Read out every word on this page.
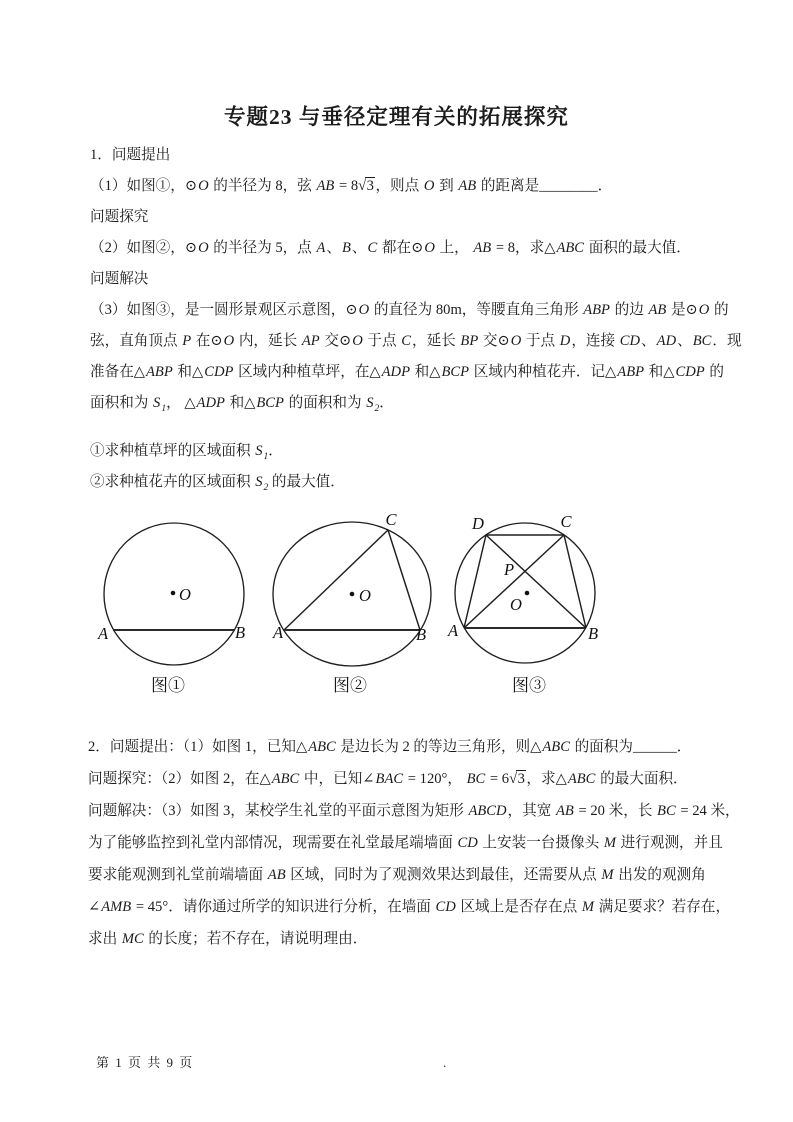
专题23 与垂径定理有关的拓展探究
1．问题提出
（1）如图①，⊙O 的半径为 8，弦 AB = 8√ 3 ，则点 O 到 AB 的距离是________．
问题探究
（2）如图②，⊙O 的半径为 5，点 A、B、C 都在⊙O 上， AB = 8，求△ABC 面积的最大值．
问题解决
（3）如图③，是一圆形景观区示意图，⊙O 的直径为 80m，等腰直角三角形 ABP 的边 AB 是⊙O 的
弦，直角顶点 P 在⊙O 内，延长 AP 交⊙O 于点 C，延长 BP 交⊙O 于点 D，连接 CD、AD、BC．现
准备在△ABP 和△CDP 区域内种植草坪，在△ADP 和△BCP 区域内种植花卉．记△ABP 和△CDP 的
面积和为 $S_1$， △ADP 和△BCP 的面积和为 $S_2$．
①求种植草坪的区域面积 $S_1$．
②求种植花卉的区域面积 $S_2$ 的最大值．
O
A	B
图①
O
A	B
C
图②
O
P
D	C
A	B
图③
2．问题提出：（1）如图 1，已知△ABC 是边长为 2 的等边三角形，则△ABC 的面积为______．
问题探究：（2）如图 2，在△ABC 中，已知∠BAC = 120°， BC = 6√ 3 ，求△ABC 的最大面积．
问题解决：（3）如图 3，某校学生礼堂的平面示意图为矩形 ABCD，其宽 AB = 20 米，长 BC = 24 米，
为了能够监控到礼堂内部情况，现需要在礼堂最尾端墙面 CD 上安装一台摄像头 M 进行观测，并且
要求能观测到礼堂前端墙面 AB 区域，同时为了观测效果达到最佳，还需要从点 M 出发的观测角
∠AMB = 45°．请你通过所学的知识进行分析，在墙面 CD 区域上是否存在点 M 满足要求？若存在，
求出 MC 的长度；若不存在，请说明理由．
第 1 页 共 9 页	.
